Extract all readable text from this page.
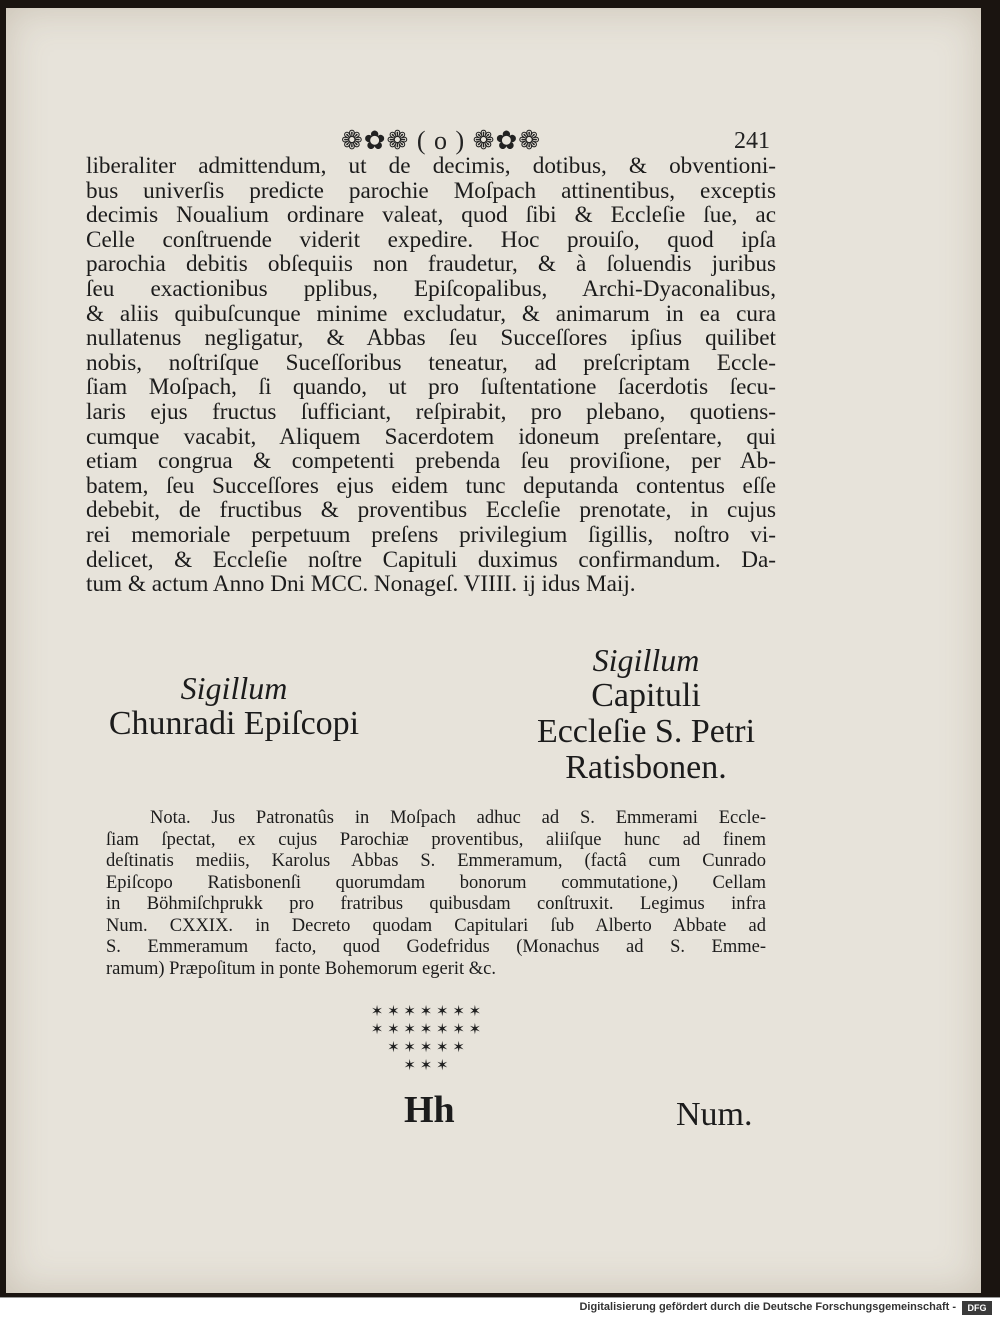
❁✿❁ ( o ) ❁✿❁	241
liberaliter admittendum, ut de decimis, dotibus, & obventioni-
bus univerſis predicte parochie Moſpach attinentibus, exceptis
decimis Noualium ordinare valeat, quod ſibi & Eccleſie ſue, ac
Celle conſtruende viderit expedire. Hoc prouiſo, quod ipſa
parochia debitis obſequiis non fraudetur, & à ſoluendis juribus
ſeu exactionibus pplibus, Epiſcopalibus, Archi-Dyaconalibus,
& aliis quibuſcunque minime excludatur, & animarum in ea cura
nullatenus negligatur, & Abbas ſeu Succeſſores ipſius quilibet
nobis, noſtriſque Suceſſoribus teneatur, ad preſcriptam Eccle-
ſiam Moſpach, ſi quando, ut pro ſuſtentatione ſacerdotis ſecu-
laris ejus fructus ſufficiant, reſpirabit, pro plebano, quotiens-
cumque vacabit, Aliquem Sacerdotem idoneum preſentare, qui
etiam congrua & competenti prebenda ſeu proviſione, per Ab-
batem, ſeu Succeſſores ejus eidem tunc deputanda contentus eſſe
debebit, de fructibus & proventibus Eccleſie prenotate, in cujus
rei memoriale perpetuum preſens privilegium ſigillis, noſtro vi-
delicet, & Eccleſie noſtre Capituli duximus confirmandum. Da-
tum & actum Anno Dni MCC. Nonageſ. VIIII. ij idus Maij.
Sigillum
Chunradi Epiſcopi
Sigillum
Capituli
Eccleſie S. Petri
Ratisbonen.
Nota. Jus Patronatûs in Moſpach adhuc ad S. Emmerami Eccle-
ſiam ſpectat, ex cujus Parochiæ proventibus, aliiſque hunc ad finem
deſtinatis mediis, Karolus Abbas S. Emmeramum, (factâ cum Cunrado
Epiſcopo Ratisbonenſi quorumdam bonorum commutatione,) Cellam
in Böhmiſchprukk pro fratribus quibusdam conſtruxit. Legimus infra
Num. CXXIX. in Decreto quodam Capitulari ſub Alberto Abbate ad
S. Emmeramum facto, quod Godefridus (Monachus ad S. Emme-
ramum) Præpoſitum in ponte Bohemorum egerit &c.
✶ ✶ ✶ ✶ ✶ ✶ ✶
✶ ✶ ✶ ✶ ✶ ✶ ✶
✶ ✶ ✶ ✶ ✶
✶ ✶ ✶
Hh	Num.
Digitalisierung gefördert durch die Deutsche Forschungsgemeinschaft -	DFG
